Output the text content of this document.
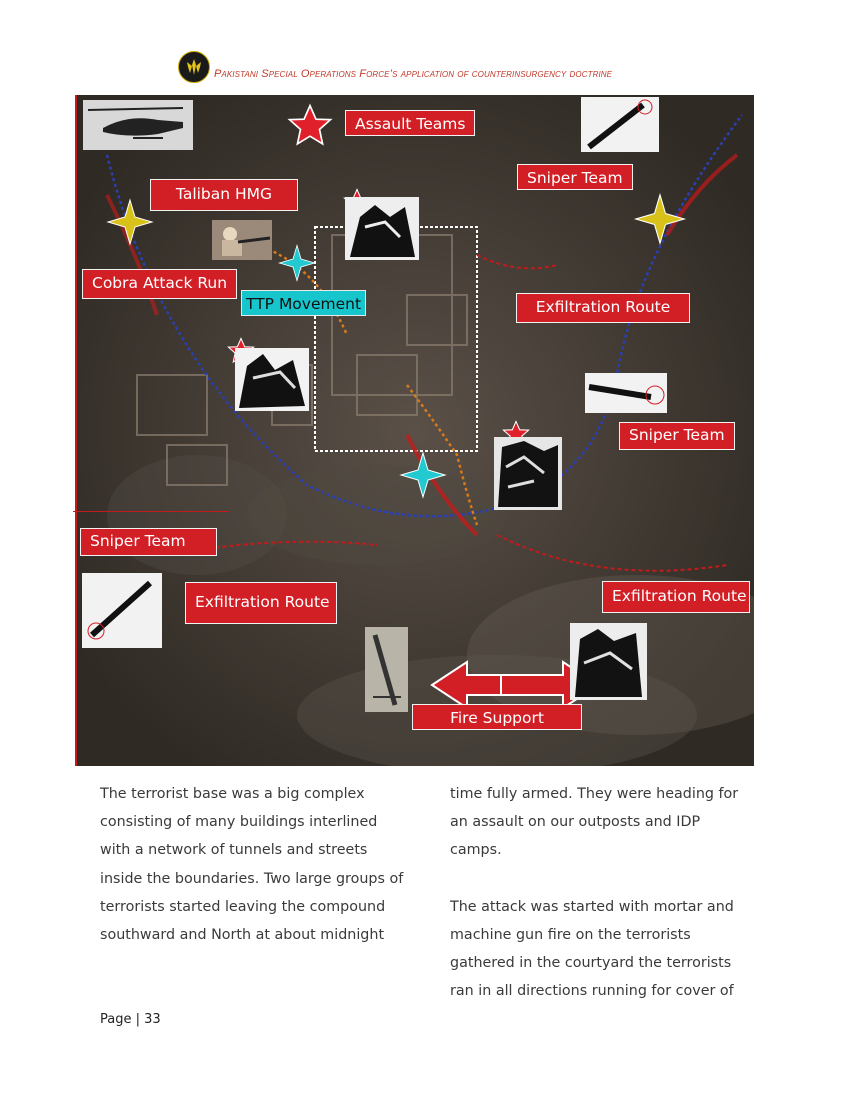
Pakistani Special Operations Force’s application of counterinsurgency doctrine
Assault Teams
Sniper Team
Taliban HMG
Cobra Attack Run
TTP Movement	Exfiltration Route
Sniper Team
Sniper Team
Exfiltration Route	Exfiltration Route
Fire Support

The terrorist base was a big complex consisting of many buildings interlined with a network of tunnels and streets inside the boundaries. Two large groups of terrorists started leaving the compound southward and North at about midnight

time fully armed. They were heading for an assault on our outposts and IDP camps.

The attack was started with mortar and machine gun fire on the terrorists gathered in the courtyard the terrorists ran in all directions running for cover of

Page | 33
